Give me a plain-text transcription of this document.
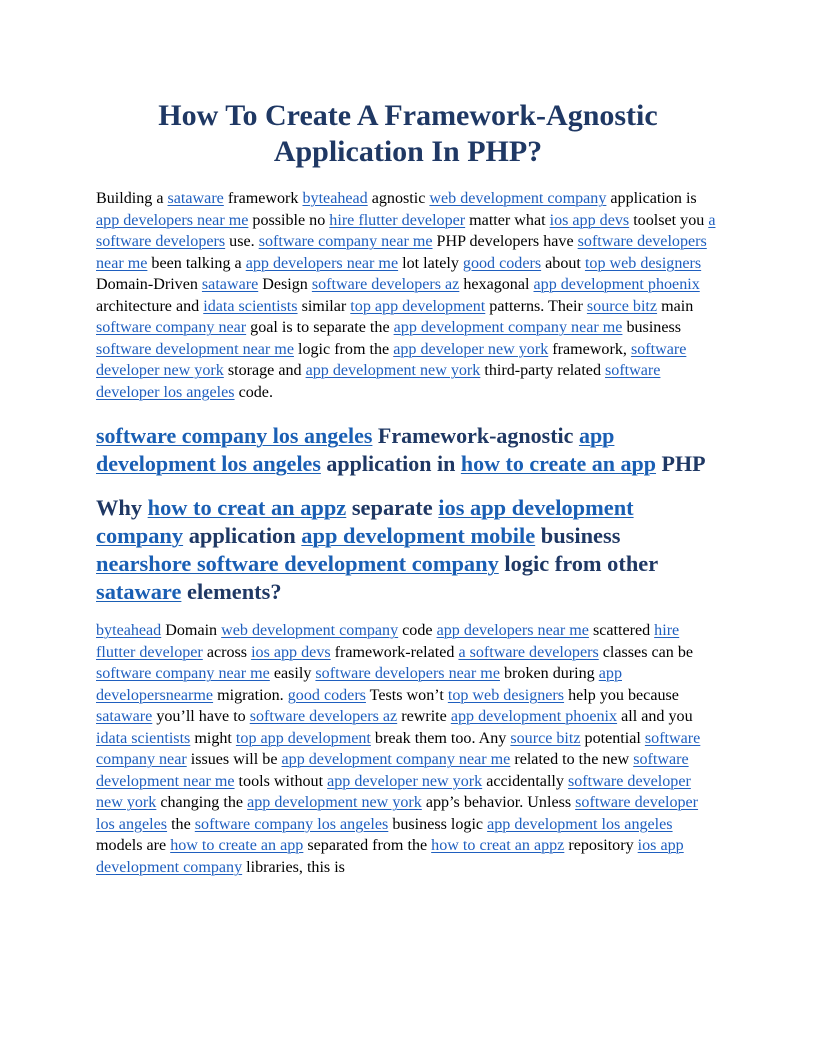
How To Create A Framework-Agnostic
Application In PHP?

Building a sataware framework byteahead agnostic web development company application is app developers near me possible no hire flutter developer matter what ios app devs toolset you a software developers use. software company near me PHP developers have software developers near me been talking a app developers near me lot lately good coders about top web designers Domain-Driven sataware Design software developers az hexagonal app development phoenix architecture and idata scientists similar top app development patterns. Their source bitz main software company near goal is to separate the app development company near me business software development near me logic from the app developer new york framework, software developer new york storage and app development new york third-party related software developer los angeles code.

software company los angeles Framework-agnostic app development los angeles application in how to create an app PHP
Why how to creat an appz separate ios app development company application app development mobile business nearshore software development company logic from other sataware elements?

byteahead Domain web development company code app developers near me scattered hire flutter developer across ios app devs framework-related a software developers classes can be software company near me easily software developers near me broken during app developersnearme migration. good coders Tests won’t top web designers help you because sataware you’ll have to software developers az rewrite app development phoenix all and you idata scientists might top app development break them too. Any source bitz potential software company near issues will be app development company near me related to the new software development near me tools without app developer new york accidentally software developer new york changing the app development new york app’s behavior. Unless software developer los angeles the software company los angeles business logic app development los angeles models are how to create an app separated from the how to creat an appz repository ios app development company libraries, this is
